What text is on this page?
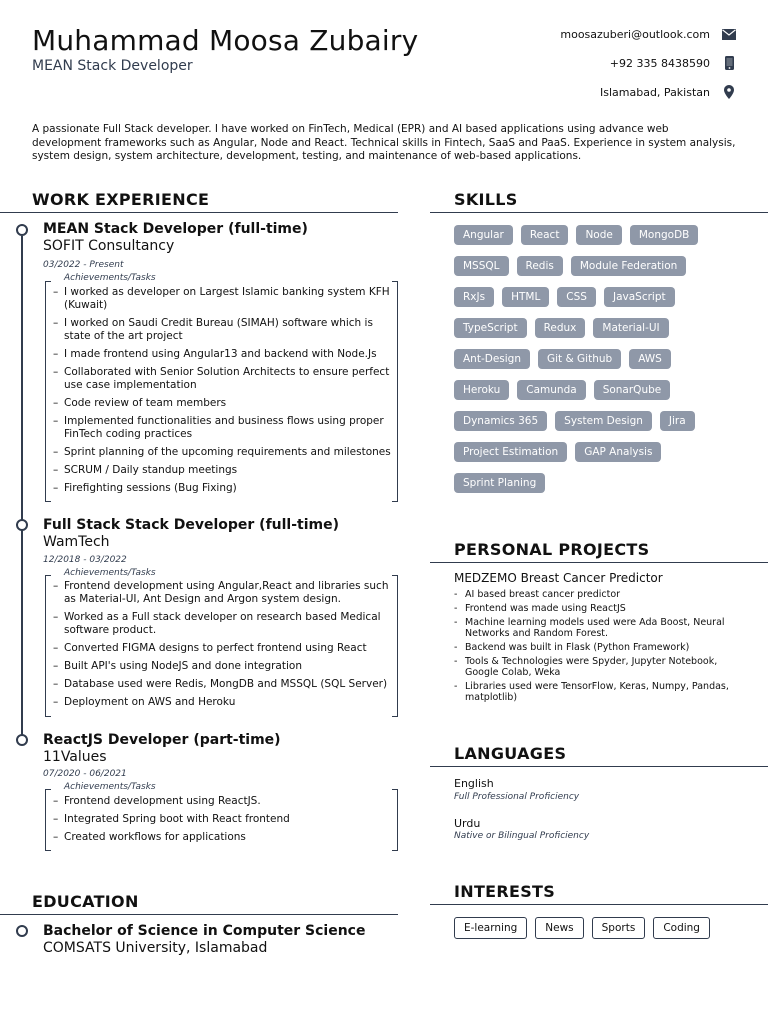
Muhammad Moosa Zubairy
MEAN Stack Developer
moosazuberi@outlook.com
+92 335 8438590
Islamabad, Pakistan
A passionate Full Stack developer. I have worked on FinTech, Medical (EPR) and AI based applications using advance web development frameworks such as Angular, Node and React. Technical skills in Fintech, SaaS and PaaS. Experience in system analysis, system design, system architecture, development, testing, and maintenance of web-based applications.
WORK EXPERIENCE
MEAN Stack Developer (full-time)
SOFIT Consultancy
03/2022 - Present
Achievements/Tasks
– I worked as developer on Largest Islamic banking system KFH (Kuwait)
– I worked on Saudi Credit Bureau (SIMAH) software which is state of the art project
– I made frontend using Angular13 and backend with Node.Js
– Collaborated with Senior Solution Architects to ensure perfect use case implementation
– Code review of team members
– Implemented functionalities and business flows using proper FinTech coding practices
– Sprint planning of the upcoming requirements and milestones
– SCRUM / Daily standup meetings
– Firefighting sessions (Bug Fixing)
Full Stack Stack Developer (full-time)
WamTech
12/2018 - 03/2022
Achievements/Tasks
– Frontend development using Angular,React and libraries such as Material-UI, Ant Design and Argon system design.
– Worked as a Full stack developer on research based Medical software product.
– Converted FIGMA designs to perfect frontend using React
– Built API's using NodeJS and done integration
– Database used were Redis, MongDB and MSSQL (SQL Server)
– Deployment on AWS and Heroku
ReactJS Developer (part-time)
11Values
07/2020 - 06/2021
Achievements/Tasks
– Frontend development using ReactJS.
– Integrated Spring boot with React frontend
– Created workflows for applications
EDUCATION
Bachelor of Science in Computer Science
COMSATS University, Islamabad
SKILLS
Angular	React	Node	MongoDB
MSSQL	Redis	Module Federation
RxJs	HTML	CSS	JavaScript
TypeScript	Redux	Material-UI
Ant-Design	Git & Github	AWS
Heroku	Camunda	SonarQube
Dynamics 365	System Design	Jira
Project Estimation	GAP Analysis
Sprint Planing
PERSONAL PROJECTS
MEDZEMO Breast Cancer Predictor
- AI based breast cancer predictor
- Frontend was made using ReactJS
- Machine learning models used were Ada Boost, Neural Networks and Random Forest.
- Backend was built in Flask (Python Framework)
- Tools & Technologies were Spyder, Jupyter Notebook, Google Colab, Weka
- Libraries used were TensorFlow, Keras, Numpy, Pandas, matplotlib)
LANGUAGES
English
Full Professional Proficiency
Urdu
Native or Bilingual Proficiency
INTERESTS
E-learning	News	Sports	Coding
